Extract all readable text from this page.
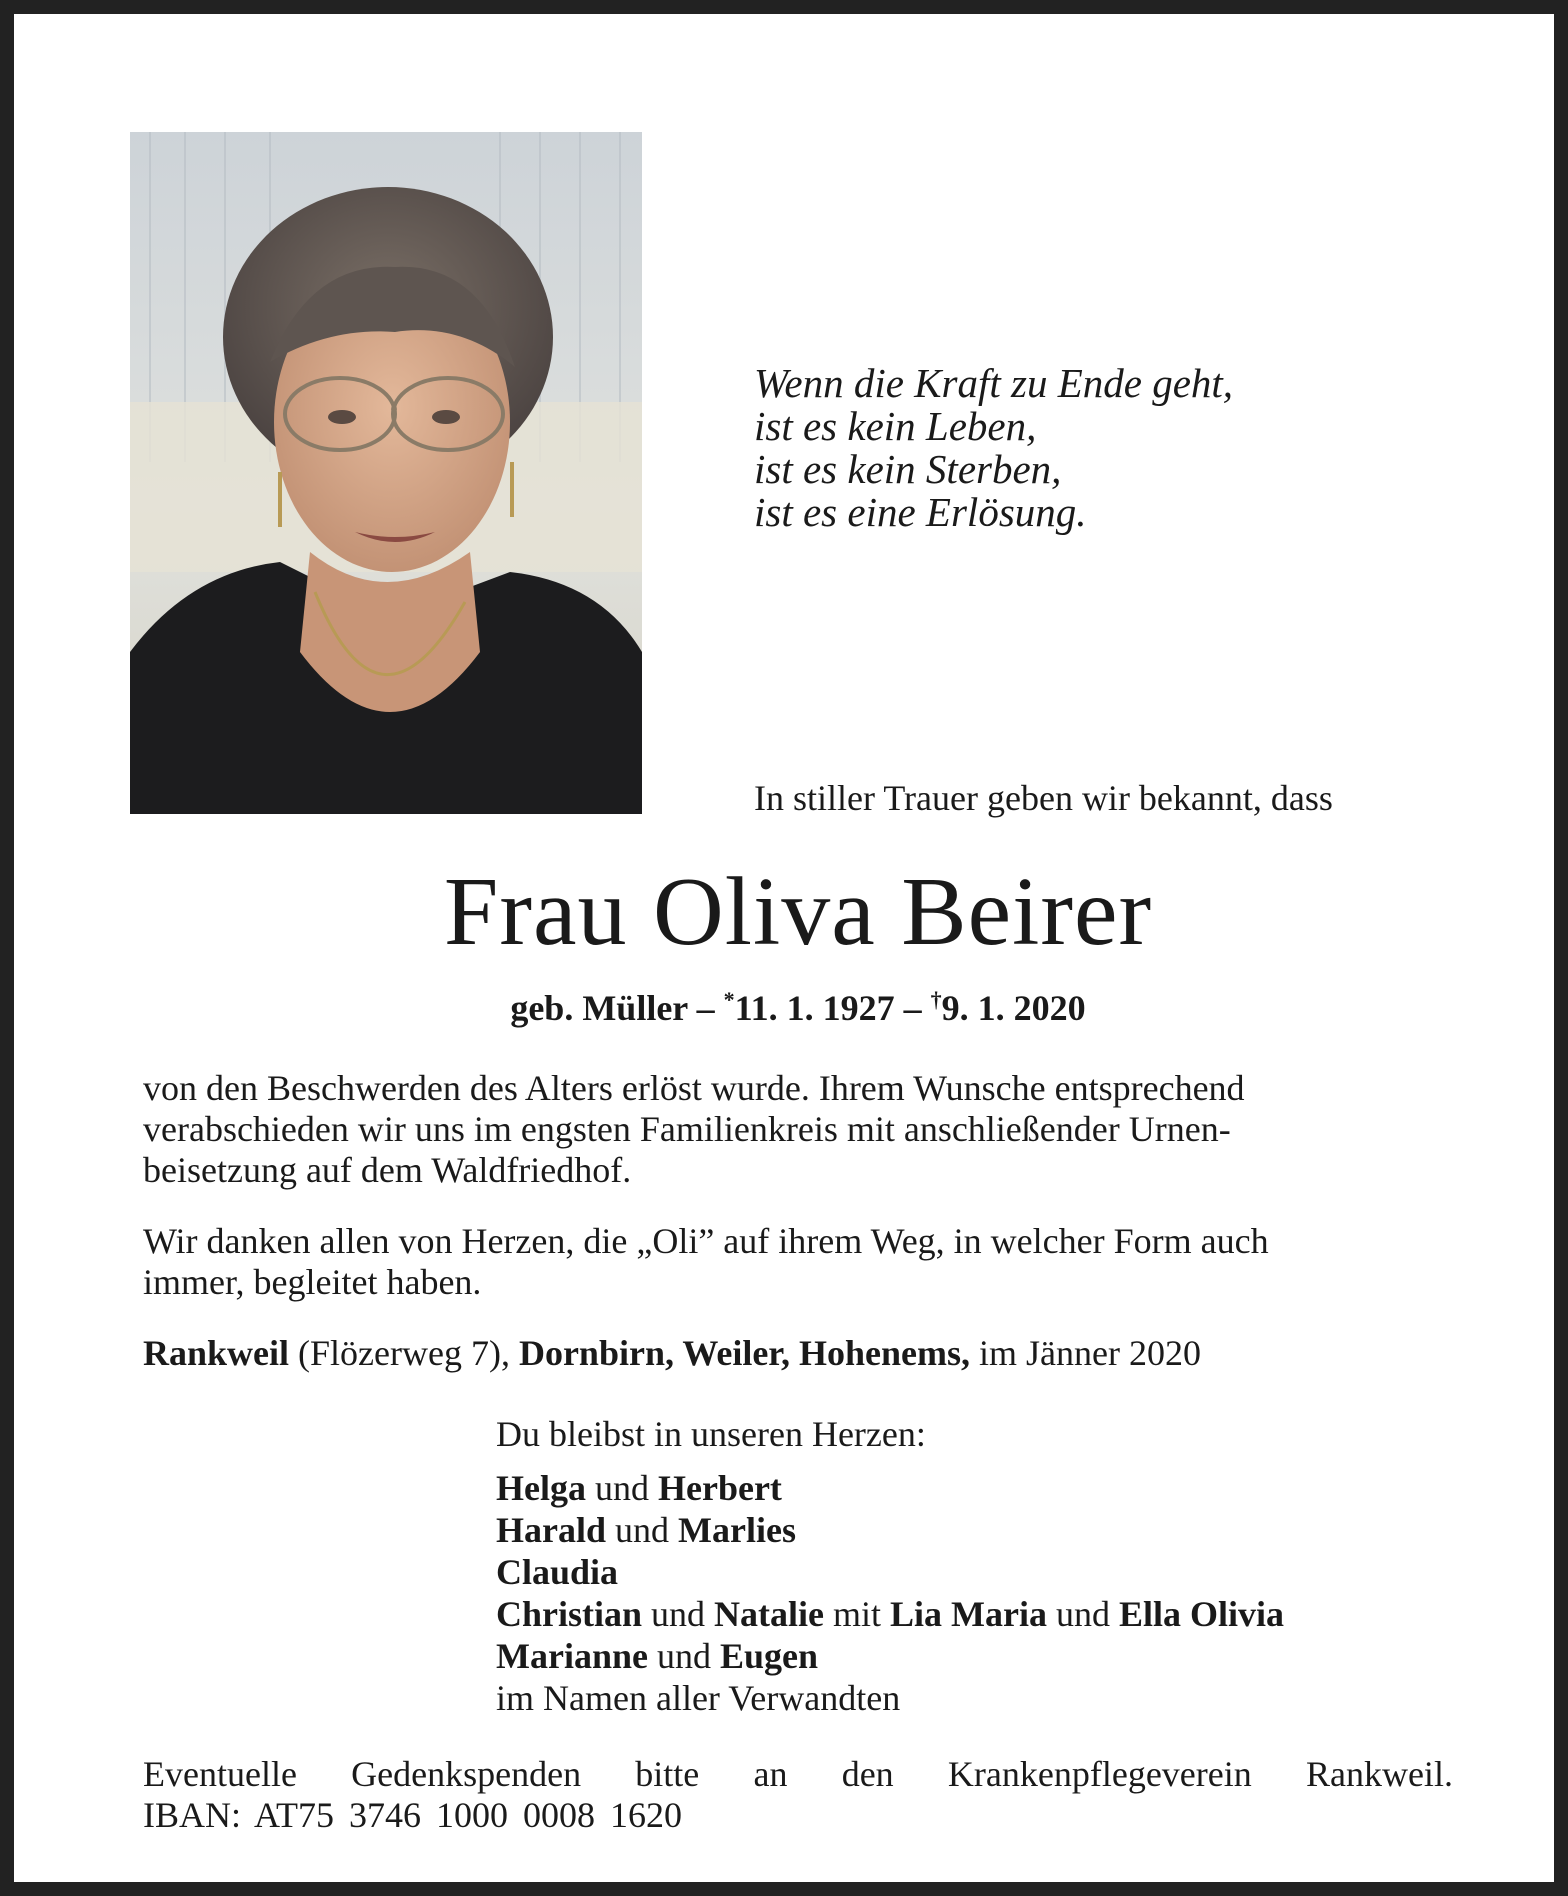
Wenn die Kraft zu Ende geht,
ist es kein Leben,
ist es kein Sterben,
ist es eine Erlösung.
In stiller Trauer geben wir bekannt, dass
Frau Oliva Beirer
geb. Müller – *11. 1. 1927 – †9. 1. 2020
von den Beschwerden des Alters erlöst wurde. Ihrem Wunsche entsprechend
verabschieden wir uns im engsten Familienkreis mit anschließender Urnen-
beisetzung auf dem Waldfriedhof.
Wir danken allen von Herzen, die „Oli” auf ihrem Weg, in welcher Form auch
immer, begleitet haben.
Rankweil (Flözerweg 7), Dornbirn, Weiler, Hohenems, im Jänner 2020
Du bleibst in unseren Herzen:
Helga und Herbert
Harald und Marlies
Claudia
Christian und Natalie mit Lia Maria und Ella Olivia
Marianne und Eugen
im Namen aller Verwandten
Eventuelle Gedenkspenden bitte an den Krankenpflegeverein Rankweil.
IBAN: AT75 3746 1000 0008 1620
